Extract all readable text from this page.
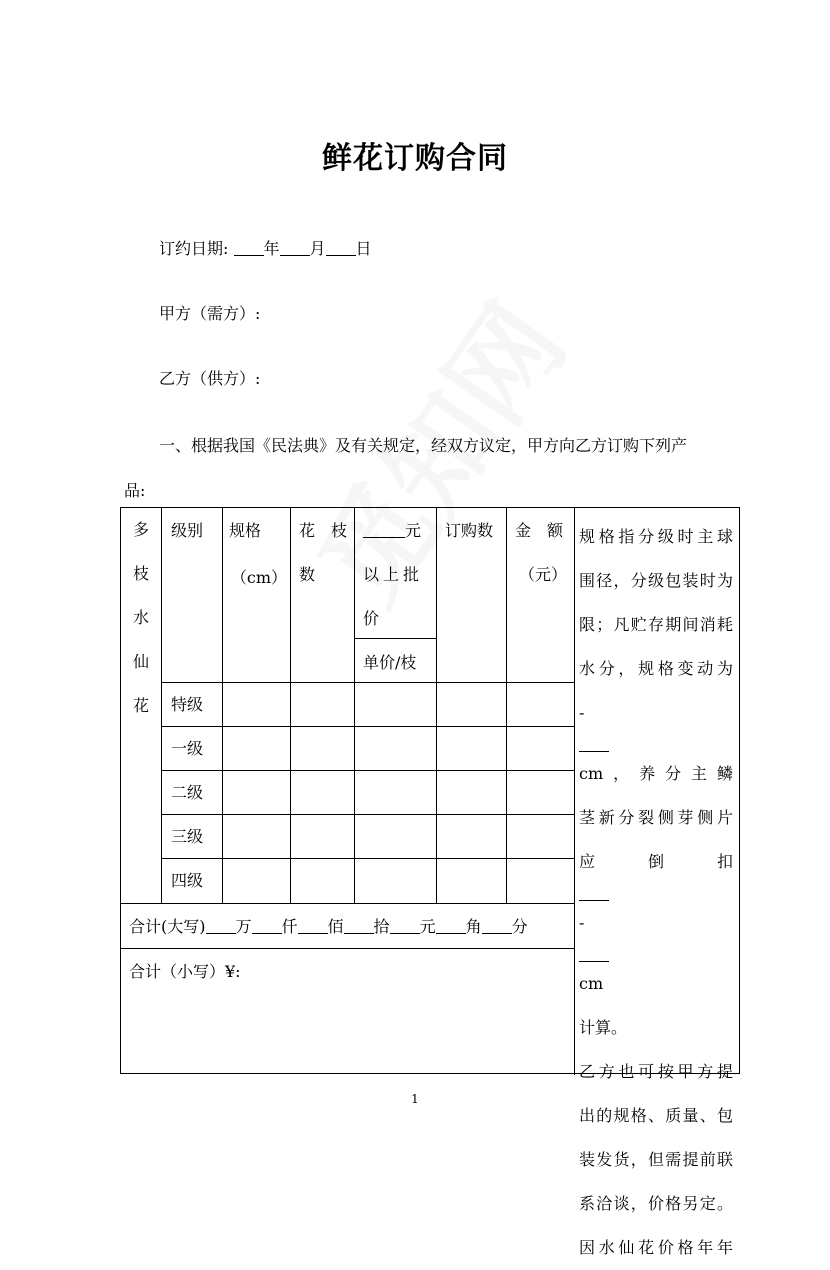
鲜花订购合同
订约日期: 年 月 日
甲方（需方）:
乙方（供方）:
一、根据我国《民法典》及有关规定，经双方议定，甲方向乙方订购下列产
品:
多
枝
水
仙
花
级别 规格
（cm）
花　枝
数
元
以上批
价
单价/枝
订购数 金　额
（元）
特级
一级
二级
三级
四级
合计(大写) 万 仟 佰 拾 元 角 分
合计（小写）¥:
规格指分级时主球
围径，分级包装时为
限；凡贮存期间消耗
水分，规格变动为
-
cm，养分主鳞
茎新分裂侧芽侧片
应倒扣
-
cm
计算。
乙方也可按甲方提
出的规格、质量、包
装发货，但需提前联
系洽谈，价格另定。
因水仙花价格年年
1
